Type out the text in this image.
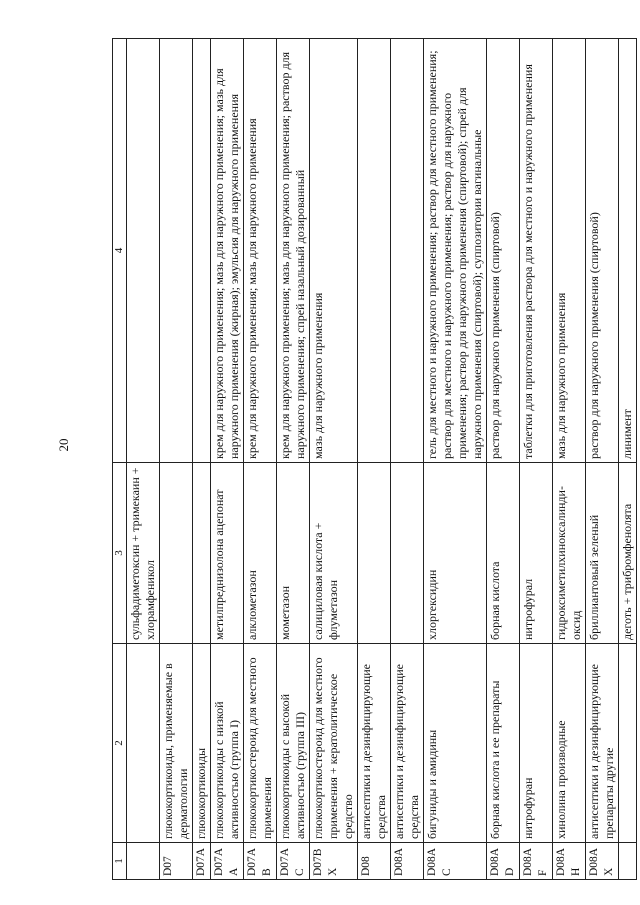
20
1	2	3	4
		сульфадиметоксин + тримекаин + хлорамфеникол	
D07	глюкокортикоиды, применяемые в дерматологии		
D07A	глюкокортикоиды		
D07AA	глюкокортикоиды с низкой активностью (группа I)	метилпреднизолона ацепонат	крем для наружного применения; мазь для наружного применения; мазь для наружного применения (жирная); эмульсия для наружного применения
D07AB	глюкокортикостероид для местного применения	алклометазон	крем для наружного применения; мазь для наружного применения
D07AC	глюкокортикоиды с высокой активностью (группа III)	мометазон	крем для наружного применения; мазь для наружного применения; раствор для наружного применения; спрей назальный дозированный
D07BX	глюкокортикостероид для местного применения + кератолитическое средство	салициловая кислота + флуметазон	мазь для наружного применения
D08	антисептики и дезинфицирующие средства		
D08A	антисептики и дезинфицирующие средства		
D08AC	бигуниды и амидины	хлоргексидин	гель для местного и наружного применения; раствор для местного применения; раствор для местного и наружного применения; раствор для наружного применения; раствор для наружного применения (спиртовой); спрей для наружного применения (спиртовой); суппозитории вагинальные
D08AD	борная кислота и ее препараты	борная кислота	раствор для наружного применения (спиртовой)
D08AF	нитрофуран	нитрофурал	таблетки для приготовления раствора для местного и наружного применения
D08AH	хинолина производные	гидроксиметилхиноксалинди-оксид	мазь для наружного применения
D08AX	антисептики и дезинфицирующие препараты другие	бриллиантовый зеленый	раствор для наружного применения (спиртовой)
		деготь + трибромфенолята	линимент
